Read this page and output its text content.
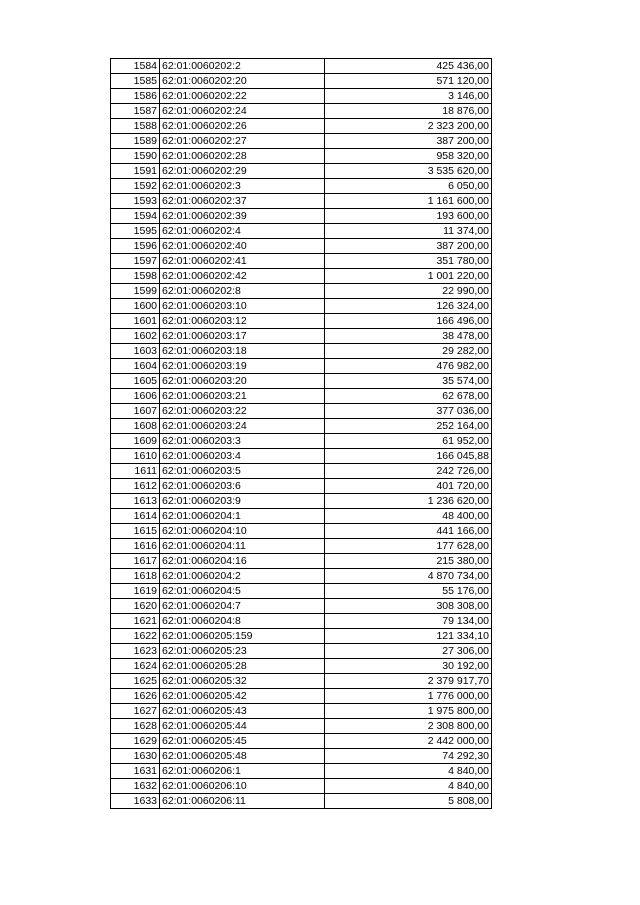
1584	62:01:0060202:2	425 436,00
1585	62:01:0060202:20	571 120,00
1586	62:01:0060202:22	3 146,00
1587	62:01:0060202:24	18 876,00
1588	62:01:0060202:26	2 323 200,00
1589	62:01:0060202:27	387 200,00
1590	62:01:0060202:28	958 320,00
1591	62:01:0060202:29	3 535 620,00
1592	62:01:0060202:3	6 050,00
1593	62:01:0060202:37	1 161 600,00
1594	62:01:0060202:39	193 600,00
1595	62:01:0060202:4	11 374,00
1596	62:01:0060202:40	387 200,00
1597	62:01:0060202:41	351 780,00
1598	62:01:0060202:42	1 001 220,00
1599	62:01:0060202:8	22 990,00
1600	62:01:0060203:10	126 324,00
1601	62:01:0060203:12	166 496,00
1602	62:01:0060203:17	38 478,00
1603	62:01:0060203:18	29 282,00
1604	62:01:0060203:19	476 982,00
1605	62:01:0060203:20	35 574,00
1606	62:01:0060203:21	62 678,00
1607	62:01:0060203:22	377 036,00
1608	62:01:0060203:24	252 164,00
1609	62:01:0060203:3	61 952,00
1610	62:01:0060203:4	166 045,88
1611	62:01:0060203:5	242 726,00
1612	62:01:0060203:6	401 720,00
1613	62:01:0060203:9	1 236 620,00
1614	62:01:0060204:1	48 400,00
1615	62:01:0060204:10	441 166,00
1616	62:01:0060204:11	177 628,00
1617	62:01:0060204:16	215 380,00
1618	62:01:0060204:2	4 870 734,00
1619	62:01:0060204:5	55 176,00
1620	62:01:0060204:7	308 308,00
1621	62:01:0060204:8	79 134,00
1622	62:01:0060205:159	121 334,10
1623	62:01:0060205:23	27 306,00
1624	62:01:0060205:28	30 192,00
1625	62:01:0060205:32	2 379 917,70
1626	62:01:0060205:42	1 776 000,00
1627	62:01:0060205:43	1 975 800,00
1628	62:01:0060205:44	2 308 800,00
1629	62:01:0060205:45	2 442 000,00
1630	62:01:0060205:48	74 292,30
1631	62:01:0060206:1	4 840,00
1632	62:01:0060206:10	4 840,00
1633	62:01:0060206:11	5 808,00
